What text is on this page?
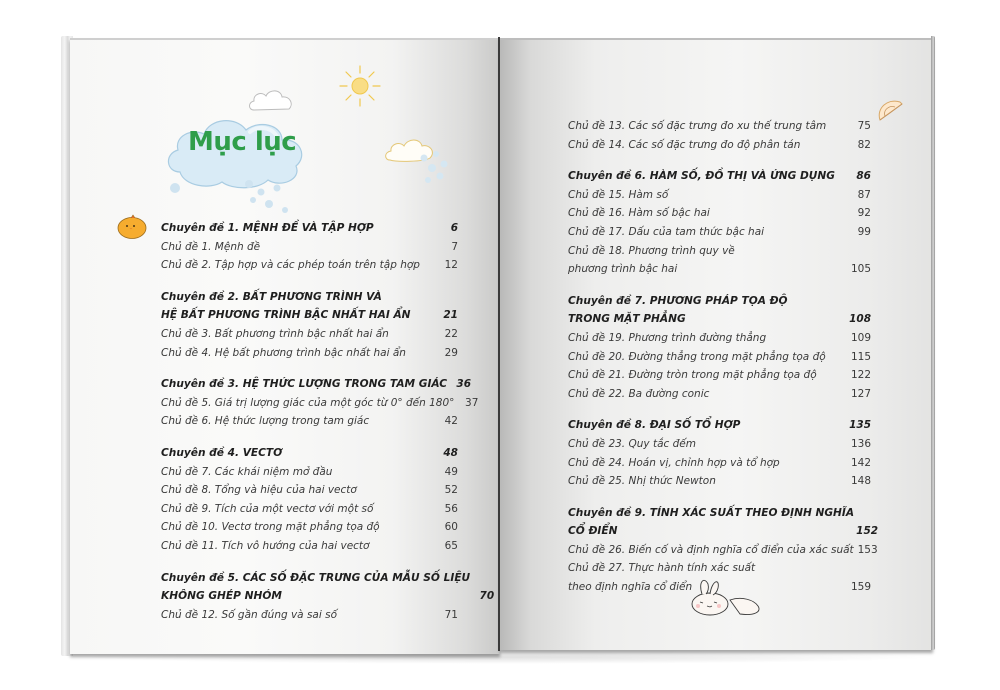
Mục lục
Chuyên đề 1. MỆNH ĐỀ VÀ TẬP HỢP	6
Chủ đề 1. Mệnh đề	7
Chủ đề 2. Tập hợp và các phép toán trên tập hợp	12
Chuyên đề 2. BẤT PHƯƠNG TRÌNH VÀ
HỆ BẤT PHƯƠNG TRÌNH BẬC NHẤT HAI ẨN	21
Chủ đề 3. Bất phương trình bậc nhất hai ẩn	22
Chủ đề 4. Hệ bất phương trình bậc nhất hai ẩn	29
Chuyên đề 3. HỆ THỨC LƯỢNG TRONG TAM GIÁC 36
Chủ đề 5. Giá trị lượng giác của một góc từ 0° đến 180°	37
Chủ đề 6. Hệ thức lượng trong tam giác	42
Chuyên đề 4. VECTƠ	48
Chủ đề 7. Các khái niệm mở đầu	49
Chủ đề 8. Tổng và hiệu của hai vectơ	52
Chủ đề 9. Tích của một vectơ với một số	56
Chủ đề 10. Vectơ trong mặt phẳng tọa độ	60
Chủ đề 11. Tích vô hướng của hai vectơ	65
Chuyên đề 5. CÁC SỐ ĐẶC TRƯNG CỦA MẪU SỐ LIỆU
KHÔNG GHÉP NHÓM	70
Chủ đề 12. Số gần đúng và sai số	71
Chủ đề 13. Các số đặc trưng đo xu thế trung tâm	75
Chủ đề 14. Các số đặc trưng đo độ phân tán	82
Chuyên đề 6. HÀM SỐ, ĐỒ THỊ VÀ ỨNG DỤNG	86
Chủ đề 15. Hàm số	87
Chủ đề 16. Hàm số bậc hai	92
Chủ đề 17. Dấu của tam thức bậc hai	99
Chủ đề 18. Phương trình quy về
phương trình bậc hai	105
Chuyên đề 7. PHƯƠNG PHÁP TỌA ĐỘ
TRONG MẶT PHẲNG	108
Chủ đề 19. Phương trình đường thẳng	109
Chủ đề 20. Đường thẳng trong mặt phẳng tọa độ	115
Chủ đề 21. Đường tròn trong mặt phẳng tọa độ	122
Chủ đề 22. Ba đường conic	127
Chuyên đề 8. ĐẠI SỐ TỔ HỢP	135
Chủ đề 23. Quy tắc đếm	136
Chủ đề 24. Hoán vị, chỉnh hợp và tổ hợp	142
Chủ đề 25. Nhị thức Newton	148
Chuyên đề 9. TÍNH XÁC SUẤT THEO ĐỊNH NGHĨA
CỔ ĐIỂN	152
Chủ đề 26. Biến cố và định nghĩa cổ điển của xác suất 153
Chủ đề 27. Thực hành tính xác suất
theo định nghĩa cổ điển	159
